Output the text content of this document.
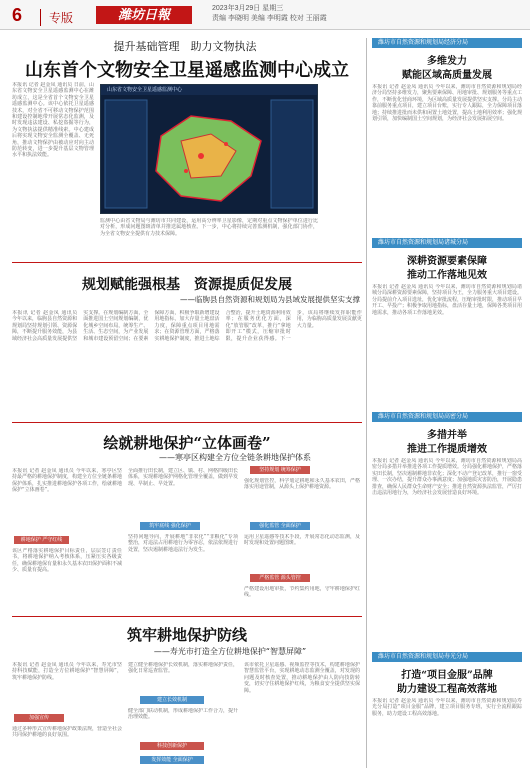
6	专版	潍坊日報	2023年3月29日 星期三
责编 李晓明 美编 李明霞 校对 王丽霞
提升基础管理　助力文物执法
山东首个文物安全卫星遥感监测中心成立
本报讯 记者 赵金凤 通讯员 日前，山东省文物安全卫星遥感监测中心在潍坊成立，这是全省首个文物安全卫星遥感监测中心。该中心依托卫星遥感技术，对全省不可移动文物保护范围和建设控制地带开展常态化监测，及时发现违法建设、私挖盗掘等行为，为文物执法提供精准线索。中心建成后将实现文物安全监测全覆盖、无死角，推动文物保护由被动应对向主动防范转变，进一步提升基层文物管理水平和执法效能。
山东省文物安全卫星遥感监测中心
监测中心由省文物局与潍坊市共同建设，运用高分辨率卫星影像，定期对重点文物保护单位进行比对分析，形成问题图斑清单并推送属地核查。下一步，中心将持续完善监测机制，强化部门协作，为全省文物安全提供有力技术保障。
潍坊市自然资源和规划局经济分局
多维发力
赋能区域高质量发展
本报讯 记者 赵金凤 通讯员 今年以来，潍坊市自然资源和规划局经济分局坚持多维发力，聚焦要素保障、用地审批、规划服务等重点工作，不断优化营商环境，为区域高质量发展提供坚实支撑。分局主动靠前服务重点项目，建立项目台账，实行专人跟踪，全力保障项目落地；持续推进批而未供和闲置土地处置，提高土地利用效率；强化规划引领，加快编制国土空间规划，为经济社会发展拓展空间。
潍坊市自然资源和规划局诸城分局
深耕资源要素保障
推动工作落地见效
本报讯 记者 赵金凤 通讯员 今年以来，潍坊市自然资源和规划局诸城分局深耕资源要素保障，坚持项目为王，全力服务重大项目建设。分局提前介入项目选址，优化审批流程，压缩审批时限，推动项目早开工、早投产；积极争取用地指标，盘活存量土地，保障各类项目用地需求，推动各项工作落地见效。
潍坊市自然资源和规划局高密分局
多措并举
推进工作提质增效
本报讯 记者 赵金凤 通讯员 今年以来，潍坊市自然资源和规划局高密分局多措并举推进各项工作提质增效。分局强化耕地保护，严格落实田长制，坚决遏制耕地非农化；深化不动产登记改革，推行一窗受理、一次办结，提升群众办事满意度；加强地质灾害防治，开展隐患排查，确保人民群众生命财产安全；推进自然资源执法监管，严厉打击违法用地行为，为经济社会发展营造良好环境。
潍坊市自然资源和规划局寿光分局
打造“项目金服”品牌
助力建设工程高效落地
本报讯 记者 赵金凤 通讯员 今年以来，潍坊市自然资源和规划局寿光分局打造“项目金服”品牌，建立项目服务专班，实行全流程跟踪服务，助力建设工程高效落地。
规划赋能强根基　资源提质促发展
——临朐县自然资源和规划局为县域发展提供坚实支撑
本报讯 记者 赵金凤 通讯员 今年以来，临朐县自然资源和规划局坚持规划引领、资源保障，不断提升服务效能，为县域经济社会高质量发展提供坚实支撑。在规划编制方面，全面推进国土空间规划编制，优化城乡空间布局，统筹生产、生活、生态空间，为产业发展和城市建设预留空间；在要素保障方面，积极争取新增建设用地指标，加大存量土地盘活力度，保障重点项目用地需求；在资源管理方面，严格落实耕地保护制度，推进土地综合整治，提升土地资源利用效率；在服务优化方面，深化“放管服”改革，推行“拿地即开工”模式，压缩审批时限，提升企业获得感。下一步，该局将继续发挥职能作用，为临朐高质量发展贡献更大力量。
绘就耕地保护“立体画卷”
——寒亭区构建全方位全链条耕地保护体系
本报讯 记者 赵金凤 通讯员 今年以来，寒亭区坚持最严格的耕地保护制度，构建全方位全链条耕地保护体系，扎实推进耕地保护各项工作，绘就耕地保护“立体画卷”。
耕地保护 严守红线
该区严格落实耕地保护目标责任，层层签订责任书，将耕地保护纳入考核体系，压紧压实各级责任，确保耕地保有量和永久基本农田保护面积不减少、质量有提高。
全面推行田长制，建立区、镇、村、网格四级田长体系，实现耕地保护网格化管理全覆盖，做到早发现、早制止、早处置。
筑牢底线 强化保护
坚持问题导向，开展耕地“非农化”“非粮化”专项整治，对违法占用耕地行为零容忍，依法依规进行处置，坚决遏制耕地违法行为发生。
坚持规划 统筹保护
强化规划管控，科学划定耕地和永久基本农田，严格落实用途管制，从源头上保护耕地资源。
强化监管 全面保护
运用卫星遥感等技术手段，开展常态化动态监测，及时发现和处置问题图斑。
严格监管 源头管控
严格建设用地审批，节约集约用地，守牢耕地保护红线。
筑牢耕地保护防线
——寿光市打造全方位耕地保护“智慧屏障”
本报讯 记者 赵金凤 通讯员 今年以来，寿光市坚持科技赋能，打造全方位耕地保护“智慧屏障”，筑牢耕地保护防线。
加强宣传
通过多种形式宣传耕地保护政策法规，营造全社会共同保护耕地的良好氛围。
建立健全耕地保护长效机制，落实耕地保护责任，强化日常巡查监管。
建立长效机制
健全部门联动机制，形成耕地保护工作合力，提升治理效能。
科技创新保护
发挥效能 全面保护
该市依托卫星遥感、视频监控等技术，构建耕地保护智慧监管平台，实现耕地动态监测全覆盖，对发现的问题及时核查处置，推动耕地保护由人防向技防转变，切实守住耕地保护红线，为粮食安全提供坚实保障。
